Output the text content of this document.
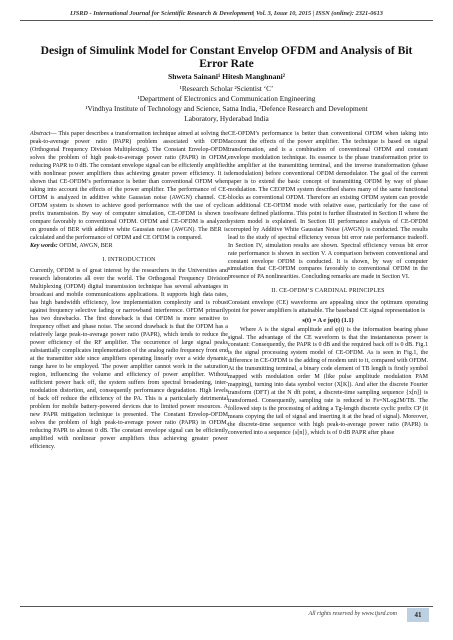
IJSRD - International Journal for Scientific Research & Development| Vol. 3, Issue 10, 2015 | ISSN (online): 2321-0613
Design of Simulink Model for Constant Envelop OFDM and Analysis of Bit Error Rate
Shweta Sainani¹ Hitesh Manghnani²
¹Research Scholar ²Scientist ‘C’
¹Department of Electronics and Communication Engineering
¹Vindhya Institute of Technology and Science, Satna India, ²Defence Research and Development
Laboratory, Hyderabad India

Abstract— This paper describes a transformation technique aimed at solving the peak-to-average power ratio (PAPR) problem associated with OFDM (Orthogonal Frequency Division Multiplexing). The Constant Envelop-OFDM solves the problem of high peak-to-average power ratio (PAPR) in OFDM, reducing PAPR to 0 dB. The constant envelope signal can be efficiently amplified with nonlinear power amplifiers thus achieving greater power efficiency. It is shown that CE-OFDM’s performance is better than conventional OFDM when taking into account the effects of the power amplifier. The performance of CE-OFDM is analyzed in additive white Gaussian noise (AWGN) channel. CE-OFDM system is shown to achieve good performance with the use of cyclic prefix transmission. By way of computer simulation, CE-OFDM is shown to compare favorably to conventional OFDM. OFDM and CE-OFDM is analyzed on grounds of BER with additive white Gaussian noise (AWGN). The BER is calculated and the performance of OFDM and CE OFDM is compared.

Key words: OFDM, AWGN, BER

I. INTRODUCTION

Currently, OFDM is of great interest by the researchers in the Universities and research laboratories all over the world. The Orthogonal Frequency Division Multiplexing (OFDM) digital transmission technique has several advantages in broadcast and mobile communications applications. It supports high data rates, has high bandwidth efficiency, low implementation complexity and is robust against frequency selective fading or narrowband interference. OFDM primarily has two drawbacks. The first drawback is that OFDM is more sensitive to frequency offset and phase noise. The second drawback is that the OFDM has a relatively large peak-to-average power ratio (PAPR), which tends to reduce the power efficiency of the RF amplifier. The occurrence of large signal peaks substantially complicates implementation of the analog radio frequency front end at the transmitter side since amplifiers operating linearly over a wide dynamic range have to be employed. The power amplifier cannot work in the saturation region, influencing the volume and efficiency of power amplifier. Without sufficient power back off, the system suffers from spectral broadening, inter-modulation distortion, and, consequently performance degradation. High levels of back off reduce the efficiency of the PA. This is a particularly detrimental problem for mobile battery-powered devices due to limited power resources. A new PAPR mitigation technique is presented. The Constant Envelop-OFDM solves the problem of high peak-to-average power ratio (PAPR) in OFDM, reducing PAPR to almost 0 dB. The constant envelope signal can be efficiently amplified with nonlinear power amplifiers thus achieving greater power efficiency.

CE-OFDM’s performance is better than conventional OFDM when taking into account the effects of the power amplifier. The technique is based on signal transformation, and is a combination of conventional OFDM and constant envelope modulation technique. Its essence is the phase transformation prior to the amplifier at the transmitting terminal, and the inverse transformation (phase demodulation) before conventional OFDM demodulator. The goal of the current paper is to extend the basic concept of transmitting OFDM by way of phase modulation. The CEOFDM system described shares many of the same functional blocks as conventional OFDM. Therefore an existing OFDM system can provide an additional CE-OFDM mode with relative ease, particularly for the case of software defined platforms. This point is further illustrated in Section II where the system model is explained. In Section III performance analysis of CE-OFDM corrupted by Additive White Gaussian Noise (AWGN) is conducted. The results lead to the study of spectral efficiency versus bit error rate performance tradeoff. In Section IV, simulation results are shown. Spectral efficiency versus bit error rate performance is shown in section V. A comparison between conventional and constant envelope OFDM is conducted. It is shown, by way of computer simulation that CE-OFDM compares favorably to conventional OFDM in the presence of PA nonlinearities. Concluding remarks are made in Section VI.

II. CE-OFDM’S CARDINAL PRINCIPLES

Constant envelope (CE) waveforms are appealing since the optimum operating point for power amplifiers is attainable. The baseband CE signal representation is

s(t) = A e jφ(t) (1.1)

Where A is the signal amplitude and φ(t) is the information bearing phase signal. The advantage of the CE waveform is that the instantaneous power is constant: Consequently, the PAPR is 0 dB and the required back off is 0 dB. Fig.1 is the signal processing system model of CE-OFDM. As is seen in Fig.1, the difference in CE-OFDM is the adding of modem unit to it, compared with OFDM. At the transmitting terminal, a binary code element of TB length is firstly symbol mapped with modulation order M (like pulse amplitude modulation PAM mapping), turning into data symbol vector (X[K]). And after the discrete Fourier transform (DFT) at the N dft point, a discrete-time sampling sequence {x[n]} is transformed. Consequently, sampling rate is reduced to Fs=NLog2M/TB. The followed step is the processing of adding a Tg-length discrete cyclic prefix CP (it means copying the tail of signal and inserting it at the head of signal). Moreover, the discrete-time sequence with high peak-to-average power ratio (PAPR) is converted into a sequence {s[n]}, which is of 0 dB PAPR after phase

All rights reserved by www.ijsrd.com	41
